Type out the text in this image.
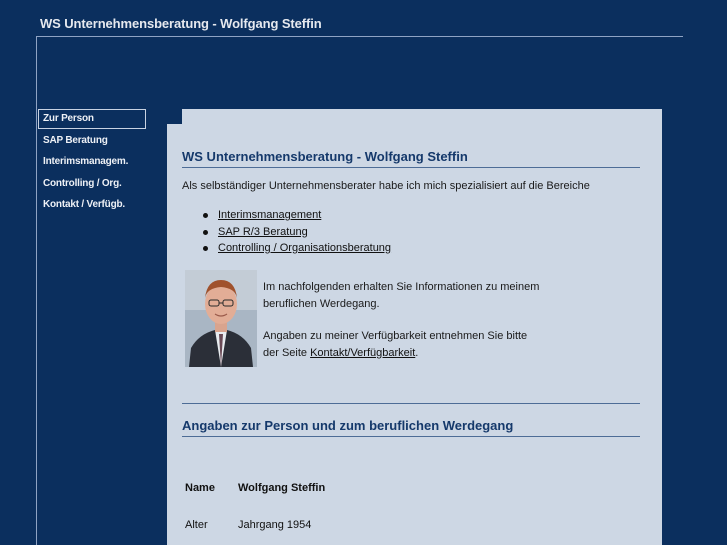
WS Unternehmensberatung - Wolfgang Steffin
Zur Person
SAP Beratung
Interimsmanagem.
Controlling / Org.
Kontakt / Verfügb.
WS Unternehmensberatung - Wolfgang Steffin
Als selbständiger Unternehmensberater habe ich mich spezialisiert auf die Bereiche
Interimsmanagement
SAP R/3 Beratung
Controlling / Organisationsberatung

Im nachfolgenden erhalten Sie Informationen zu meinem

beruflichen Werdegang.

Angaben zu meiner Verfügbarkeit entnehmen Sie bitte

der Seite Kontakt/Verfügbarkeit.

Angaben zur Person und zum beruflichen Werdegang
Name Wolfgang Steffin
Alter	Jahrgang 1954
